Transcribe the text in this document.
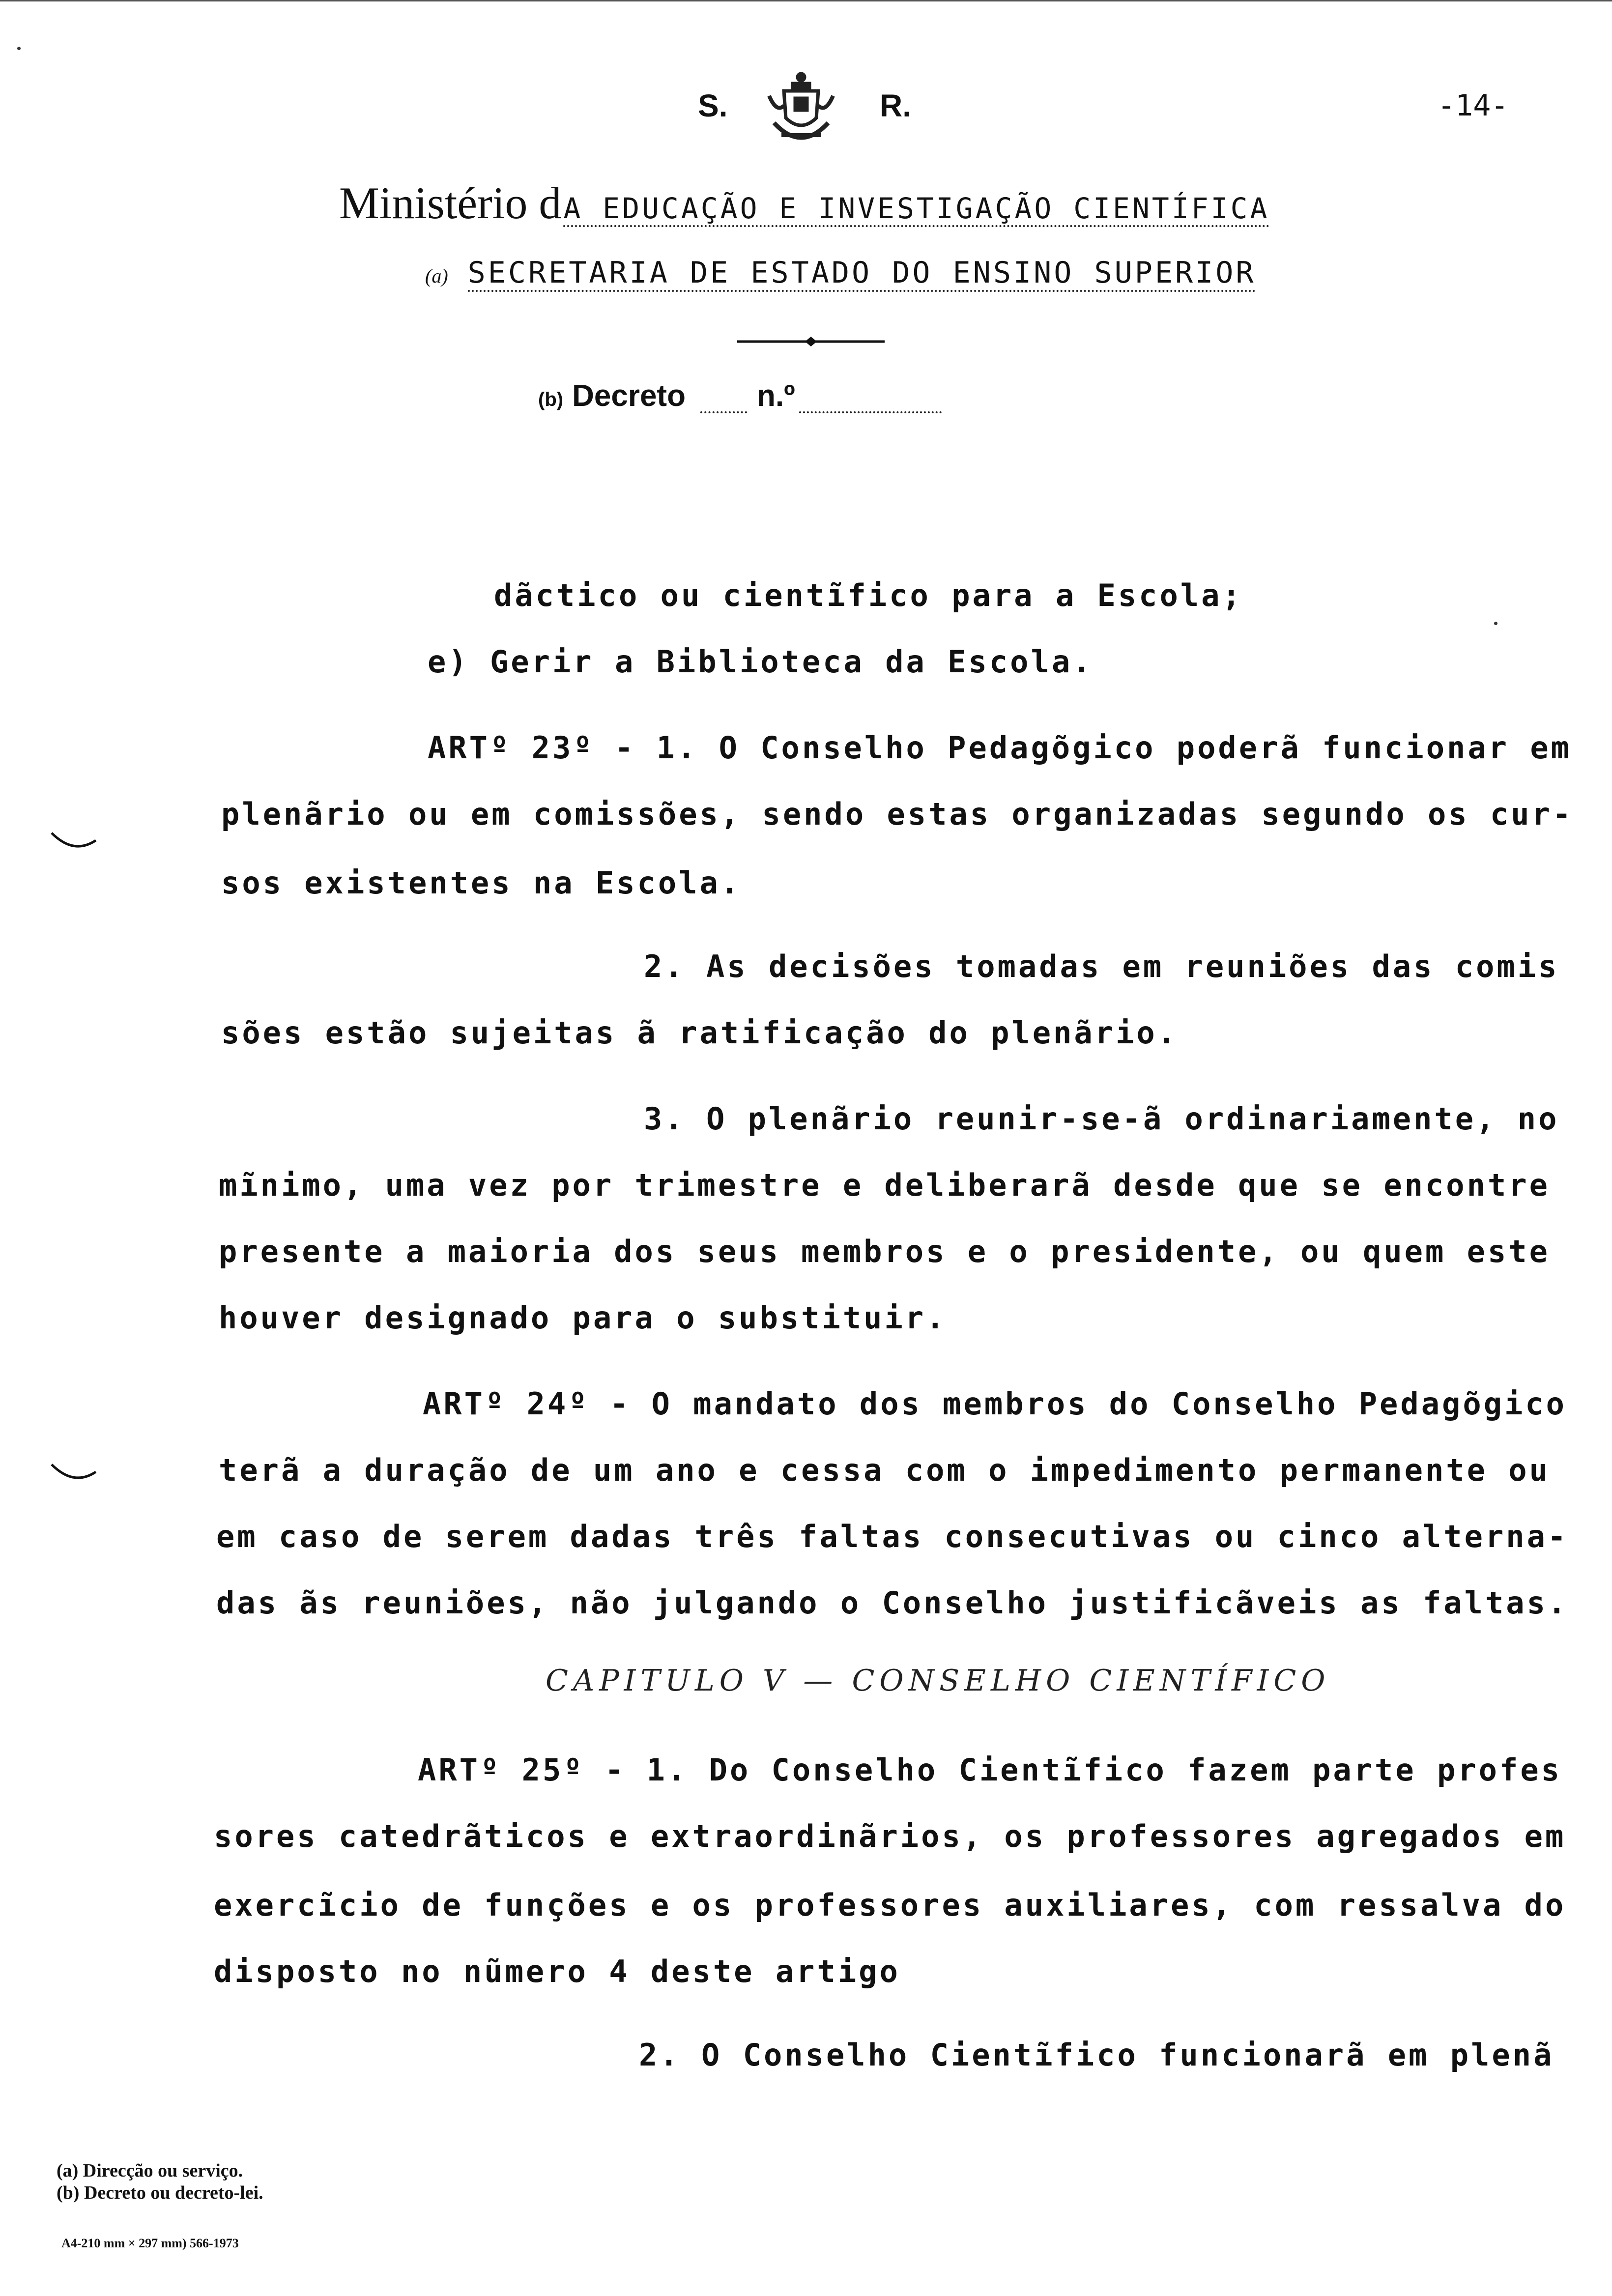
S.	R.	-14-
Ministério dA EDUCAÇÃO E INVESTIGAÇÃO CIENTÍFICA
(a) SECRETARIA DE ESTADO DO ENSINO SUPERIOR
(b) Decreto n.º
dãctico ou cientĩfico para a Escola;
e) Gerir a Biblioteca da Escola.
ARTº 23º - 1. O Conselho Pedagõgico poderã funcionar em
plenãrio ou em comissões, sendo estas organizadas segundo os cur-
sos existentes na Escola.
2. As decisões tomadas em reuniões das comis
sões estão sujeitas ã ratificação do plenãrio.
3. O plenãrio reunir-se-ã ordinariamente, no
mĩnimo, uma vez por trimestre e deliberarã desde que se encontre
presente a maioria dos seus membros e o presidente, ou quem este
houver designado para o substituir.
ARTº 24º - O mandato dos membros do Conselho Pedagõgico
terã a duração de um ano e cessa com o impedimento permanente ou
em caso de serem dadas três faltas consecutivas ou cinco alterna-
das ãs reuniões, não julgando o Conselho justificãveis as faltas.
CAPITULO V — CONSELHO CIENTÍFICO
ARTº 25º - 1. Do Conselho Cientĩfico fazem parte profes
sores catedrãticos e extraordinãrios, os professores agregados em
exercĩcio de funções e os professores auxiliares, com ressalva do
disposto no nũmero 4 deste artigo
2. O Conselho Cientĩfico funcionarã em plenã
(a) Direcção ou serviço.
(b) Decreto ou decreto-lei.
A4-210 mm × 297 mm) 566-1973
